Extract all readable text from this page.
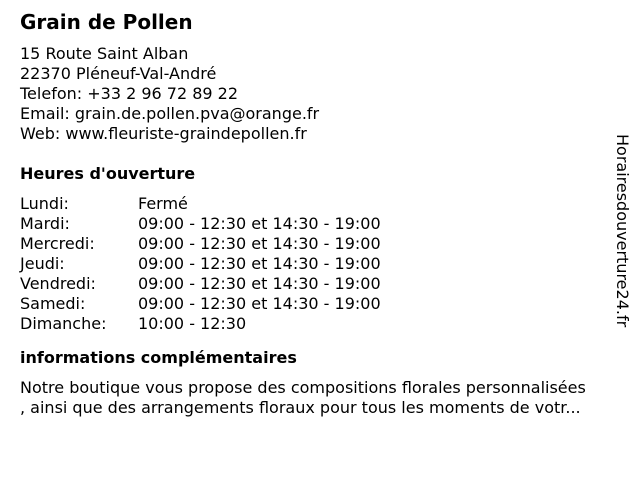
Grain de Pollen
15 Route Saint Alban
22370 Pléneuf-Val-André
Telefon: +33 2 96 72 89 22
Email: grain.de.pollen.pva@orange.fr
Web: www.fleuriste-graindepollen.fr
Heures d'ouverture
Lundi:	Fermé
Mardi:	09:00 - 12:30 et 14:30 - 19:00
Mercredi:	09:00 - 12:30 et 14:30 - 19:00
Jeudi:	09:00 - 12:30 et 14:30 - 19:00
Vendredi:	09:00 - 12:30 et 14:30 - 19:00
Samedi:	09:00 - 12:30 et 14:30 - 19:00
Dimanche:	10:00 - 12:30
informations complémentaires
Notre boutique vous propose des compositions florales personnalisées
, ainsi que des arrangements floraux pour tous les moments de votr...
Horairesdouverture24.fr
